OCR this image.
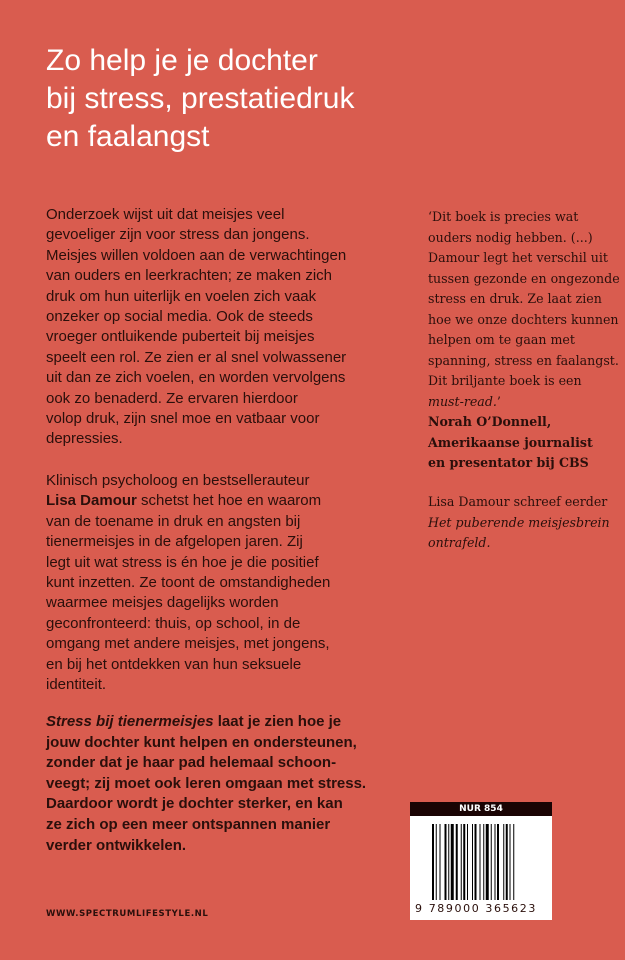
Zo help je je dochter
bij stress, prestatiedruk
en faalangst
Onderzoek wijst uit dat meisjes veel
gevoeliger zijn voor stress dan jongens.
Meisjes willen voldoen aan de verwachtingen
van ouders en leerkrachten; ze maken zich
druk om hun uiterlijk en voelen zich vaak
onzeker op social media. Ook de steeds
vroeger ontluikende puberteit bij meisjes
speelt een rol. Ze zien er al snel volwassener
uit dan ze zich voelen, en worden vervolgens
ook zo benaderd. Ze ervaren hierdoor
volop druk, zijn snel moe en vatbaar voor
depressies.
Klinisch psycholoog en bestsellerauteur
Lisa Damour schetst het hoe en waarom
van de toename in druk en angsten bij
tienermeisjes in de afgelopen jaren. Zij
legt uit wat stress is én hoe je die positief
kunt inzetten. Ze toont de omstandigheden
waarmee meisjes dagelijks worden
geconfronteerd: thuis, op school, in de
omgang met andere meisjes, met jongens,
en bij het ontdekken van hun seksuele
identiteit.
Stress bij tienermeisjes laat je zien hoe je
jouw dochter kunt helpen en ondersteunen,
zonder dat je haar pad helemaal schoon-
veegt; zij moet ook leren omgaan met stress.
Daardoor wordt je dochter sterker, en kan
ze zich op een meer ontspannen manier
verder ontwikkelen.
‘Dit boek is precies wat
ouders nodig hebben. (...)
Damour legt het verschil uit
tussen gezonde en ongezonde
stress en druk. Ze laat zien
hoe we onze dochters kunnen
helpen om te gaan met
spanning, stress en faalangst.
Dit briljante boek is een
must-read.’
Norah O’Donnell,
Amerikaanse journalist
en presentator bij CBS
Lisa Damour schreef eerder
Het puberende meisjesbrein
ontrafeld.
WWW.SPECTRUMLIFESTYLE.NL
NUR 854
9 789000 365623
